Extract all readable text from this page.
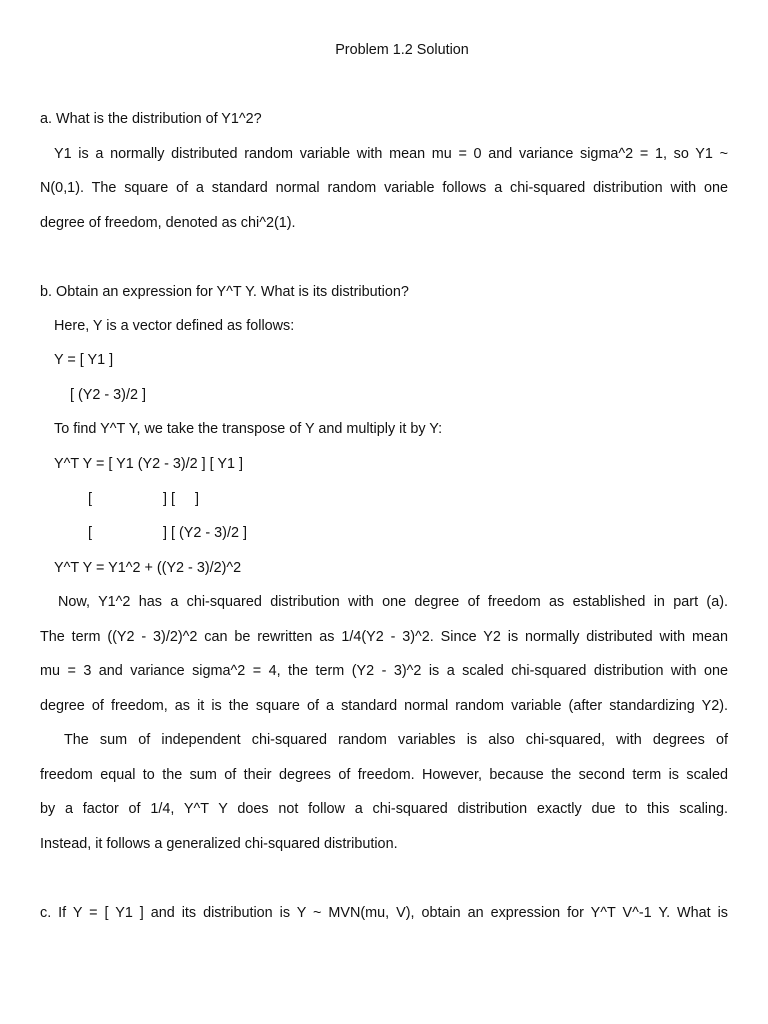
Problem 1.2 Solution
a. What is the distribution of Y1^2?
Y1 is a normally distributed random variable with mean mu = 0 and variance sigma^2 = 1, so Y1 ~
N(0,1). The square of a standard normal random variable follows a chi-squared distribution with one
degree of freedom, denoted as chi^2(1).
b. Obtain an expression for Y^T Y. What is its distribution?
Here, Y is a vector defined as follows:
Y = [ Y1 ]
[ (Y2 - 3)/2 ]
To find Y^T Y, we take the transpose of Y and multiply it by Y:
Y^T Y = [ Y1 (Y2 - 3)/2 ] [ Y1 ]
[	] [     ]
[	] [ (Y2 - 3)/2 ]
Y^T Y = Y1^2 + ((Y2 - 3)/2)^2
Now, Y1^2 has a chi-squared distribution with one degree of freedom as established in part (a).
The term ((Y2 - 3)/2)^2 can be rewritten as 1/4(Y2 - 3)^2. Since Y2 is normally distributed with mean
mu = 3 and variance sigma^2 = 4, the term (Y2 - 3)^2 is a scaled chi-squared distribution with one
degree of freedom, as it is the square of a standard normal random variable (after standardizing Y2).
The sum of independent chi-squared random variables is also chi-squared, with degrees of
freedom equal to the sum of their degrees of freedom. However, because the second term is scaled
by a factor of 1/4, Y^T Y does not follow a chi-squared distribution exactly due to this scaling.
Instead, it follows a generalized chi-squared distribution.
c. If Y = [ Y1 ] and its distribution is Y ~ MVN(mu, V), obtain an expression for Y^T V^-1 Y. What is
